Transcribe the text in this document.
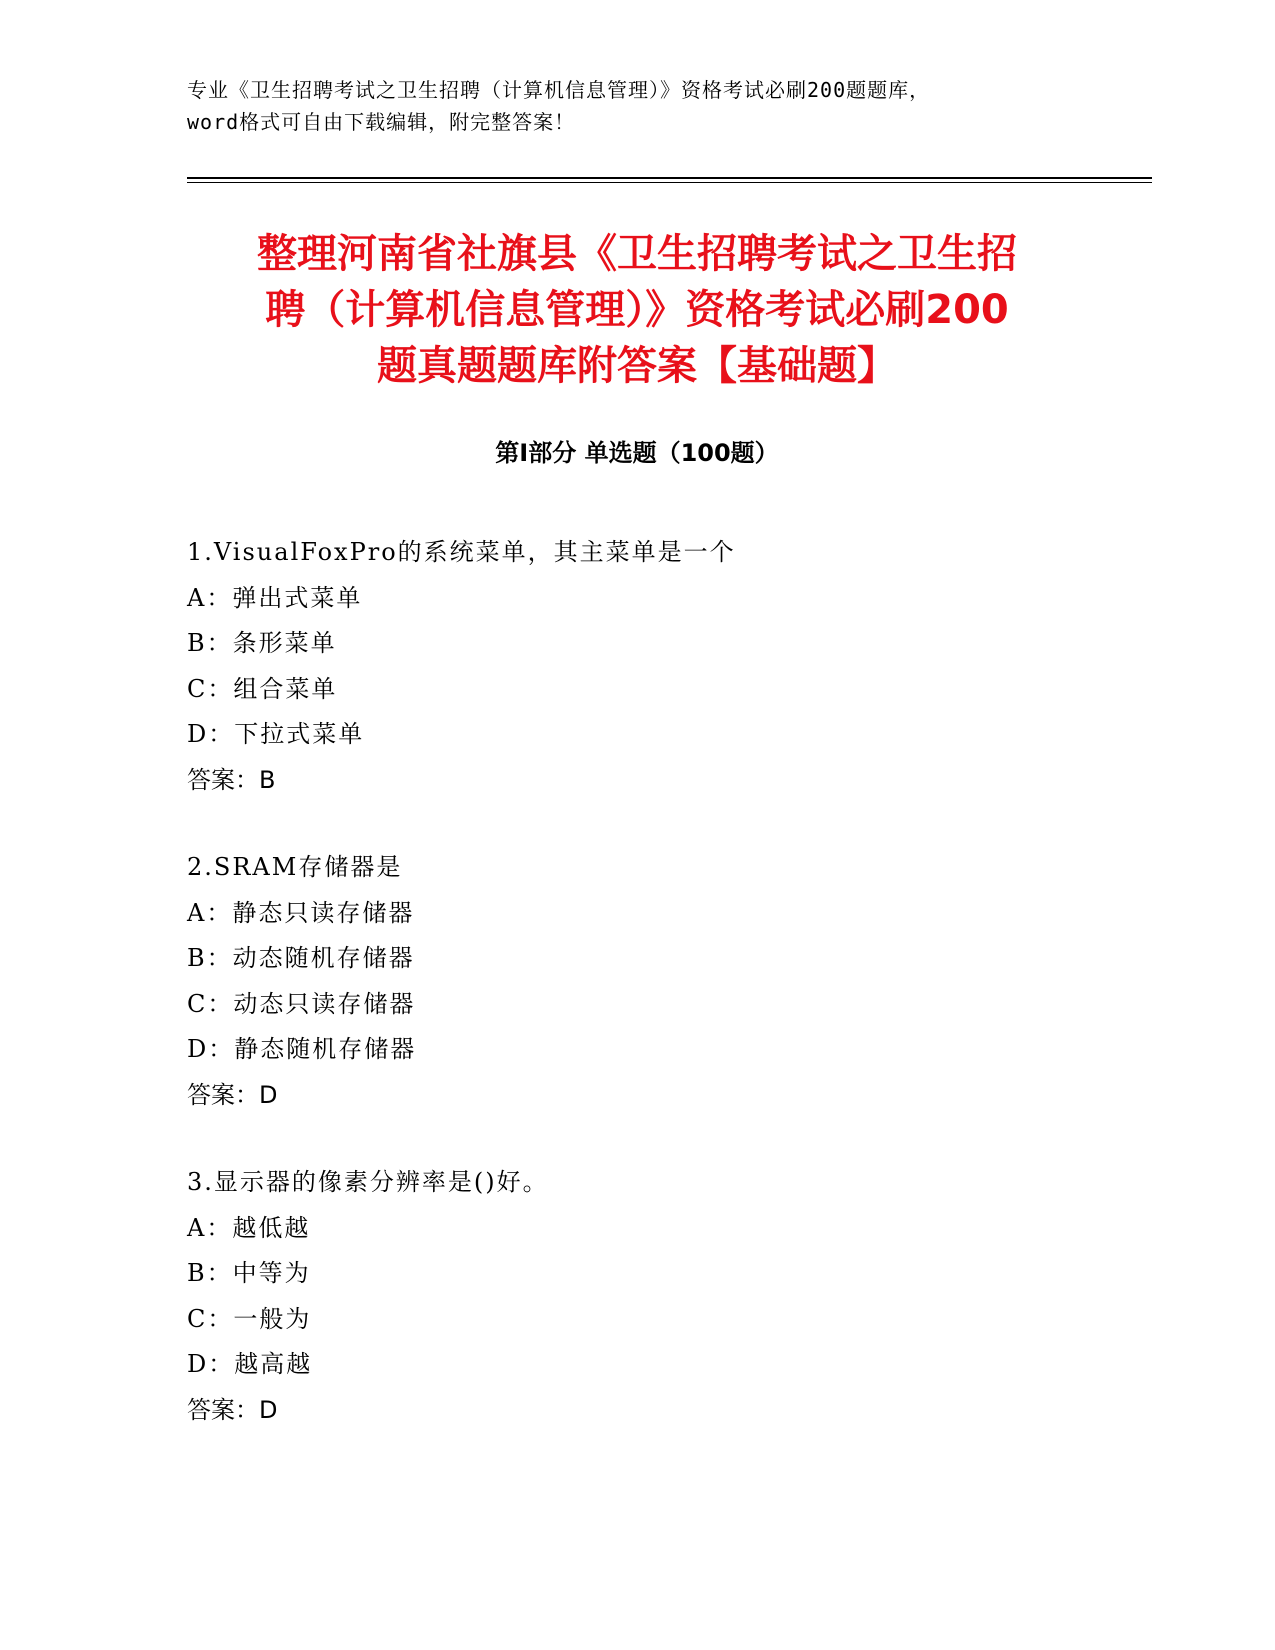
专业《卫生招聘考试之卫生招聘（计算机信息管理）》资格考试必刷200题题库，
word格式可自由下载编辑，附完整答案！
整理河南省社旗县《卫生招聘考试之卫生招
聘（计算机信息管理）》资格考试必刷200
题真题题库附答案【基础题】
第Ⅰ部分 单选题（100题）
1.VisualFoxPro的系统菜单，其主菜单是一个
A：弹出式菜单
B：条形菜单
C：组合菜单
D：下拉式菜单
答案：B
2.SRAM存储器是
A：静态只读存储器
B：动态随机存储器
C：动态只读存储器
D：静态随机存储器
答案：D
3.显示器的像素分辨率是()好。
A：越低越
B：中等为
C：一般为
D：越高越
答案：D
